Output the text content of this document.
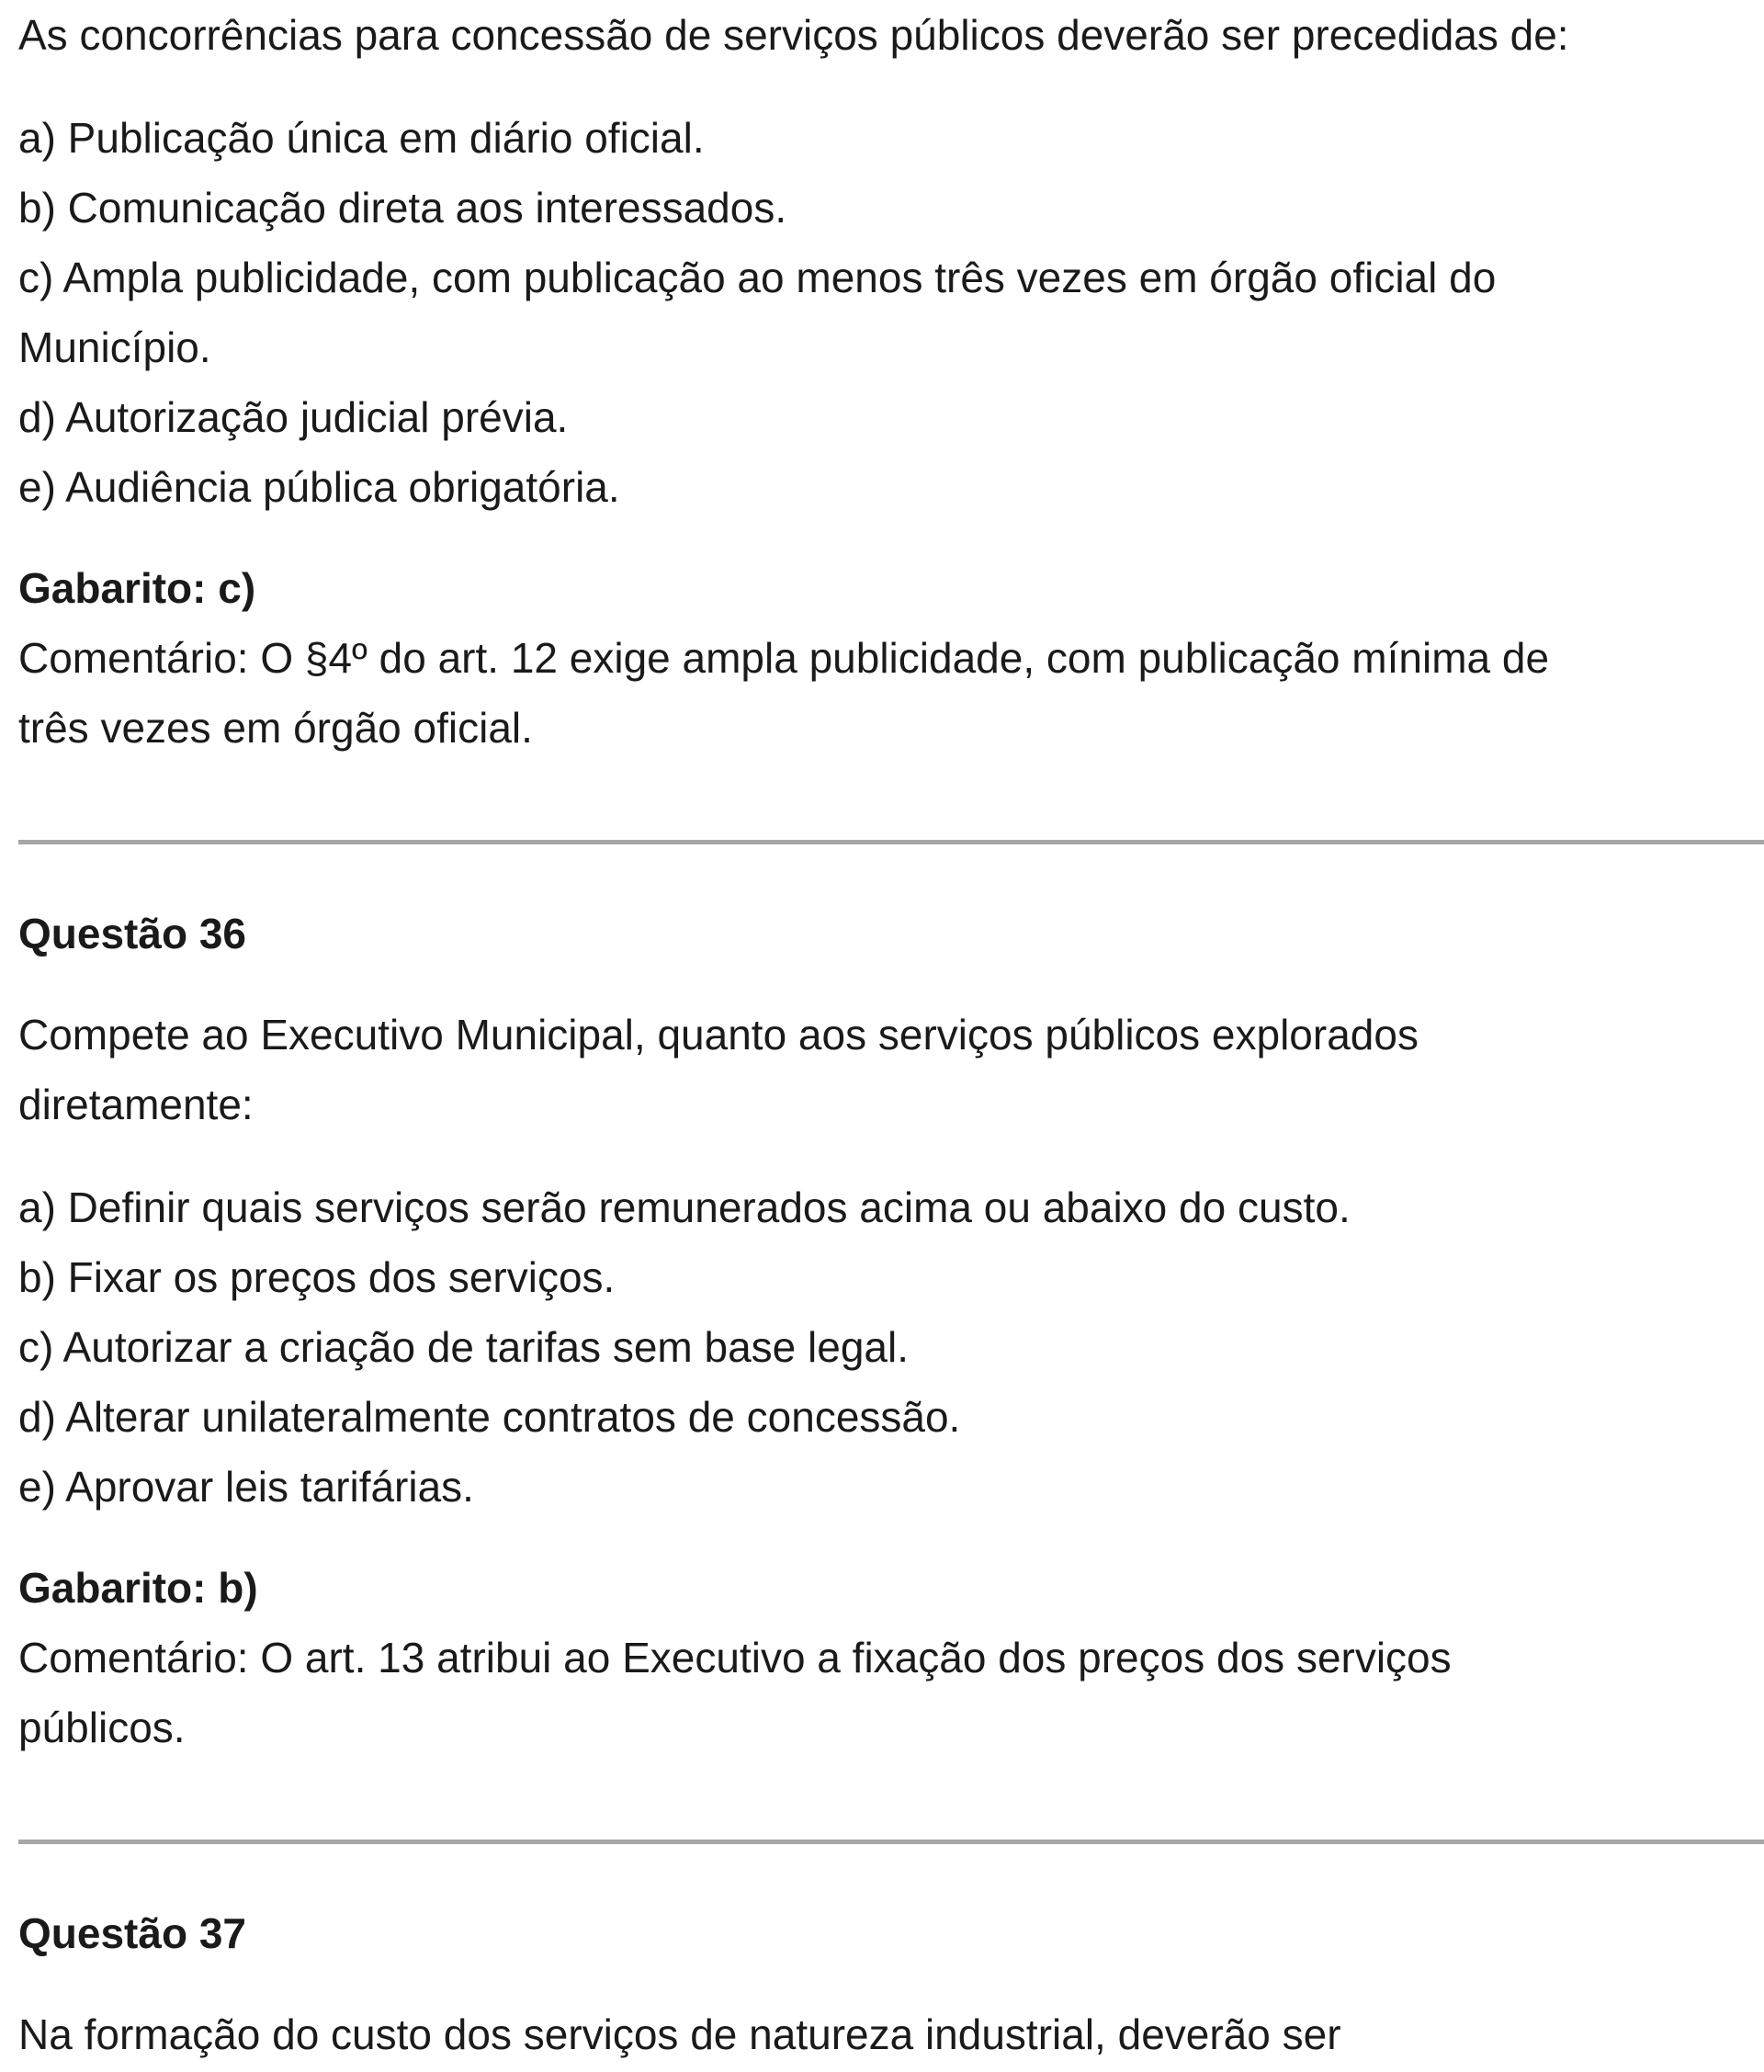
As concorrências para concessão de serviços públicos deverão ser precedidas de:

a) Publicação única em diário oficial.

b) Comunicação direta aos interessados.

c) Ampla publicidade, com publicação ao menos três vezes em órgão oficial do

Município.

d) Autorização judicial prévia.

e) Audiência pública obrigatória.

Gabarito: c)

Comentário: O §4º do art. 12 exige ampla publicidade, com publicação mínima de

três vezes em órgão oficial.

Questão 36

Compete ao Executivo Municipal, quanto aos serviços públicos explorados

diretamente:

a) Definir quais serviços serão remunerados acima ou abaixo do custo.

b) Fixar os preços dos serviços.

c) Autorizar a criação de tarifas sem base legal.

d) Alterar unilateralmente contratos de concessão.

e) Aprovar leis tarifárias.

Gabarito: b)

Comentário: O art. 13 atribui ao Executivo a fixação dos preços dos serviços

públicos.

Questão 37

Na formação do custo dos serviços de natureza industrial, deverão ser
